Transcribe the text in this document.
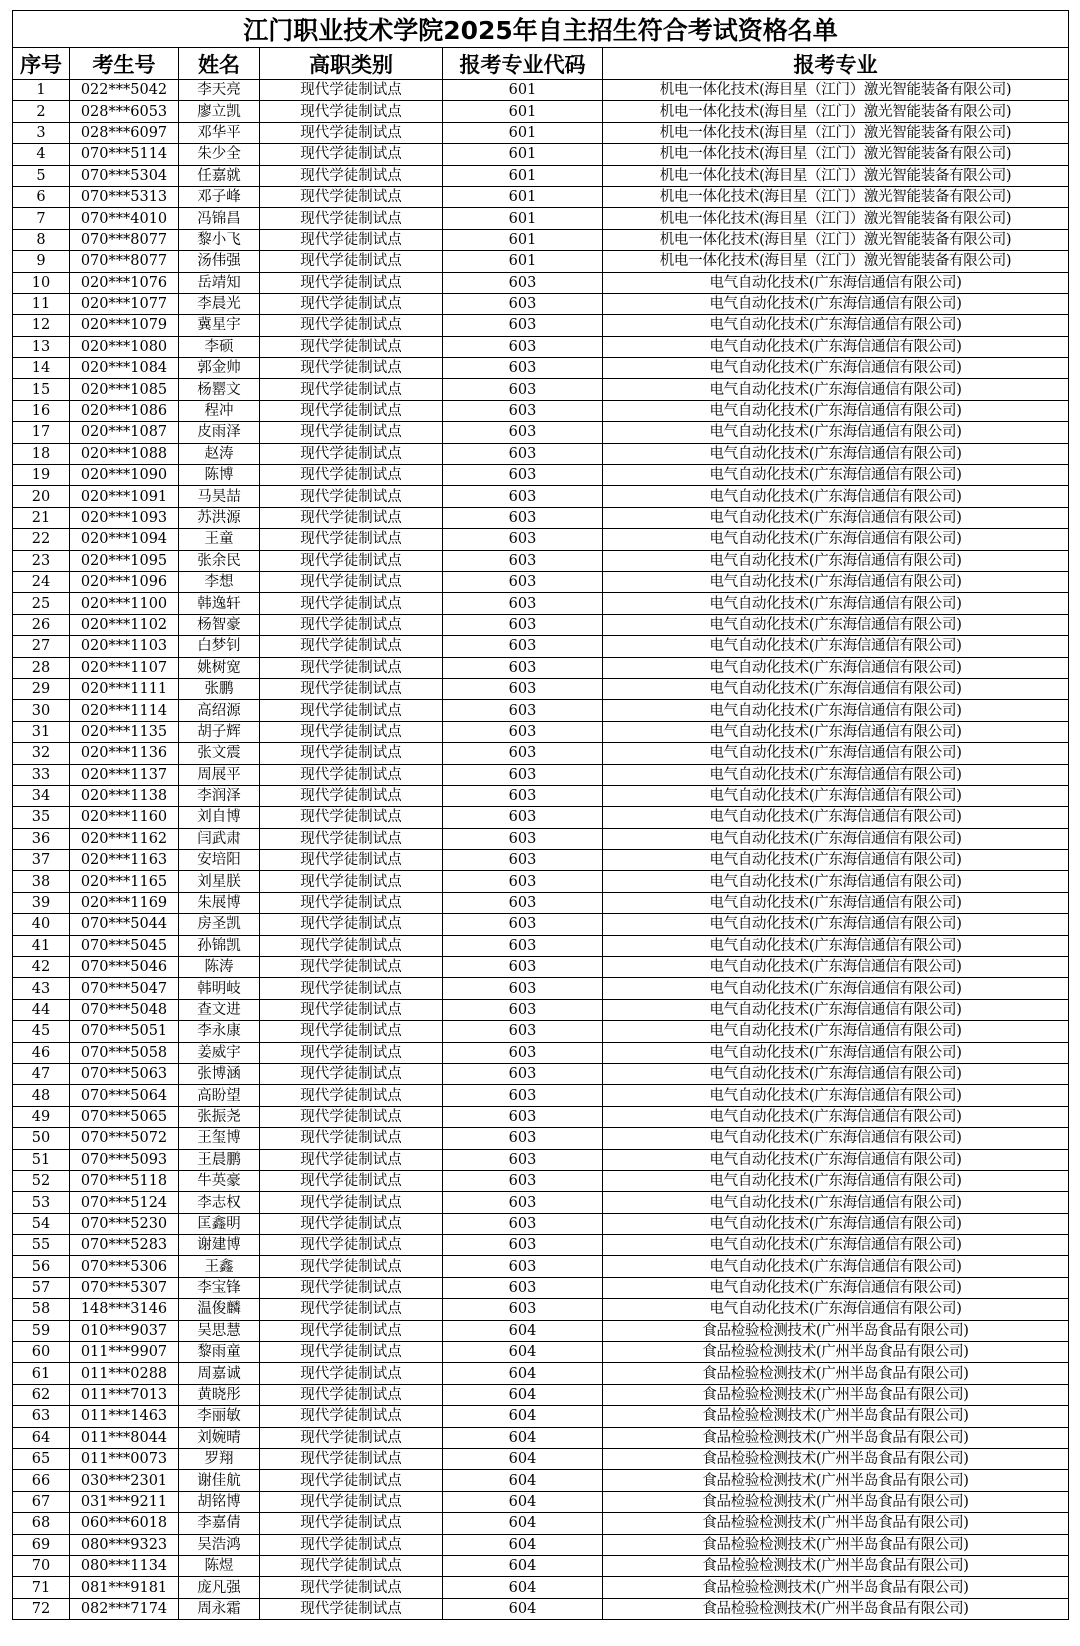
江门职业技术学院2025年自主招生符合考试资格名单					
序号	考生号	姓名	高职类别	报考专业代码	报考专业
1	022***5042	李天亮	现代学徒制试点	601	机电一体化技术(海目星（江门）激光智能装备有限公司)
2	028***6053	廖立凯	现代学徒制试点	601	机电一体化技术(海目星（江门）激光智能装备有限公司)
3	028***6097	邓华平	现代学徒制试点	601	机电一体化技术(海目星（江门）激光智能装备有限公司)
4	070***5114	朱少全	现代学徒制试点	601	机电一体化技术(海目星（江门）激光智能装备有限公司)
5	070***5304	任嘉就	现代学徒制试点	601	机电一体化技术(海目星（江门）激光智能装备有限公司)
6	070***5313	邓子峰	现代学徒制试点	601	机电一体化技术(海目星（江门）激光智能装备有限公司)
7	070***4010	冯锦昌	现代学徒制试点	601	机电一体化技术(海目星（江门）激光智能装备有限公司)
8	070***8077	黎小飞	现代学徒制试点	601	机电一体化技术(海目星（江门）激光智能装备有限公司)
9	070***8077	汤伟强	现代学徒制试点	601	机电一体化技术(海目星（江门）激光智能装备有限公司)
10	020***1076	岳靖知	现代学徒制试点	603	电气自动化技术(广东海信通信有限公司)
11	020***1077	李晨光	现代学徒制试点	603	电气自动化技术(广东海信通信有限公司)
12	020***1079	冀星宇	现代学徒制试点	603	电气自动化技术(广东海信通信有限公司)
13	020***1080	李硕	现代学徒制试点	603	电气自动化技术(广东海信通信有限公司)
14	020***1084	郭金帅	现代学徒制试点	603	电气自动化技术(广东海信通信有限公司)
15	020***1085	杨罂文	现代学徒制试点	603	电气自动化技术(广东海信通信有限公司)
16	020***1086	程冲	现代学徒制试点	603	电气自动化技术(广东海信通信有限公司)
17	020***1087	皮雨泽	现代学徒制试点	603	电气自动化技术(广东海信通信有限公司)
18	020***1088	赵涛	现代学徒制试点	603	电气自动化技术(广东海信通信有限公司)
19	020***1090	陈博	现代学徒制试点	603	电气自动化技术(广东海信通信有限公司)
20	020***1091	马昊喆	现代学徒制试点	603	电气自动化技术(广东海信通信有限公司)
21	020***1093	苏洪源	现代学徒制试点	603	电气自动化技术(广东海信通信有限公司)
22	020***1094	王童	现代学徒制试点	603	电气自动化技术(广东海信通信有限公司)
23	020***1095	张余民	现代学徒制试点	603	电气自动化技术(广东海信通信有限公司)
24	020***1096	李想	现代学徒制试点	603	电气自动化技术(广东海信通信有限公司)
25	020***1100	韩逸轩	现代学徒制试点	603	电气自动化技术(广东海信通信有限公司)
26	020***1102	杨智豪	现代学徒制试点	603	电气自动化技术(广东海信通信有限公司)
27	020***1103	白梦钊	现代学徒制试点	603	电气自动化技术(广东海信通信有限公司)
28	020***1107	姚树宽	现代学徒制试点	603	电气自动化技术(广东海信通信有限公司)
29	020***1111	张鹏	现代学徒制试点	603	电气自动化技术(广东海信通信有限公司)
30	020***1114	高绍源	现代学徒制试点	603	电气自动化技术(广东海信通信有限公司)
31	020***1135	胡子辉	现代学徒制试点	603	电气自动化技术(广东海信通信有限公司)
32	020***1136	张文震	现代学徒制试点	603	电气自动化技术(广东海信通信有限公司)
33	020***1137	周展平	现代学徒制试点	603	电气自动化技术(广东海信通信有限公司)
34	020***1138	李润泽	现代学徒制试点	603	电气自动化技术(广东海信通信有限公司)
35	020***1160	刘自博	现代学徒制试点	603	电气自动化技术(广东海信通信有限公司)
36	020***1162	闫武肃	现代学徒制试点	603	电气自动化技术(广东海信通信有限公司)
37	020***1163	安培阳	现代学徒制试点	603	电气自动化技术(广东海信通信有限公司)
38	020***1165	刘星朕	现代学徒制试点	603	电气自动化技术(广东海信通信有限公司)
39	020***1169	朱展博	现代学徒制试点	603	电气自动化技术(广东海信通信有限公司)
40	070***5044	房圣凯	现代学徒制试点	603	电气自动化技术(广东海信通信有限公司)
41	070***5045	孙锦凯	现代学徒制试点	603	电气自动化技术(广东海信通信有限公司)
42	070***5046	陈涛	现代学徒制试点	603	电气自动化技术(广东海信通信有限公司)
43	070***5047	韩明岐	现代学徒制试点	603	电气自动化技术(广东海信通信有限公司)
44	070***5048	查文进	现代学徒制试点	603	电气自动化技术(广东海信通信有限公司)
45	070***5051	李永康	现代学徒制试点	603	电气自动化技术(广东海信通信有限公司)
46	070***5058	姜威宇	现代学徒制试点	603	电气自动化技术(广东海信通信有限公司)
47	070***5063	张博涵	现代学徒制试点	603	电气自动化技术(广东海信通信有限公司)
48	070***5064	高盼望	现代学徒制试点	603	电气自动化技术(广东海信通信有限公司)
49	070***5065	张振尧	现代学徒制试点	603	电气自动化技术(广东海信通信有限公司)
50	070***5072	王玺博	现代学徒制试点	603	电气自动化技术(广东海信通信有限公司)
51	070***5093	王晨鹏	现代学徒制试点	603	电气自动化技术(广东海信通信有限公司)
52	070***5118	牛英豪	现代学徒制试点	603	电气自动化技术(广东海信通信有限公司)
53	070***5124	李志权	现代学徒制试点	603	电气自动化技术(广东海信通信有限公司)
54	070***5230	匡鑫明	现代学徒制试点	603	电气自动化技术(广东海信通信有限公司)
55	070***5283	谢建博	现代学徒制试点	603	电气自动化技术(广东海信通信有限公司)
56	070***5306	王鑫	现代学徒制试点	603	电气自动化技术(广东海信通信有限公司)
57	070***5307	李宝锋	现代学徒制试点	603	电气自动化技术(广东海信通信有限公司)
58	148***3146	温俊麟	现代学徒制试点	603	电气自动化技术(广东海信通信有限公司)
59	010***9037	吴思慧	现代学徒制试点	604	食品检验检测技术(广州半岛食品有限公司)
60	011***9907	黎雨童	现代学徒制试点	604	食品检验检测技术(广州半岛食品有限公司)
61	011***0288	周嘉诚	现代学徒制试点	604	食品检验检测技术(广州半岛食品有限公司)
62	011***7013	黄晓彤	现代学徒制试点	604	食品检验检测技术(广州半岛食品有限公司)
63	011***1463	李丽敏	现代学徒制试点	604	食品检验检测技术(广州半岛食品有限公司)
64	011***8044	刘婉晴	现代学徒制试点	604	食品检验检测技术(广州半岛食品有限公司)
65	011***0073	罗翔	现代学徒制试点	604	食品检验检测技术(广州半岛食品有限公司)
66	030***2301	谢佳航	现代学徒制试点	604	食品检验检测技术(广州半岛食品有限公司)
67	031***9211	胡铭博	现代学徒制试点	604	食品检验检测技术(广州半岛食品有限公司)
68	060***6018	李嘉倩	现代学徒制试点	604	食品检验检测技术(广州半岛食品有限公司)
69	080***9323	吴浩鸿	现代学徒制试点	604	食品检验检测技术(广州半岛食品有限公司)
70	080***1134	陈煜	现代学徒制试点	604	食品检验检测技术(广州半岛食品有限公司)
71	081***9181	庞凡强	现代学徒制试点	604	食品检验检测技术(广州半岛食品有限公司)
72	082***7174	周永霜	现代学徒制试点	604	食品检验检测技术(广州半岛食品有限公司)
